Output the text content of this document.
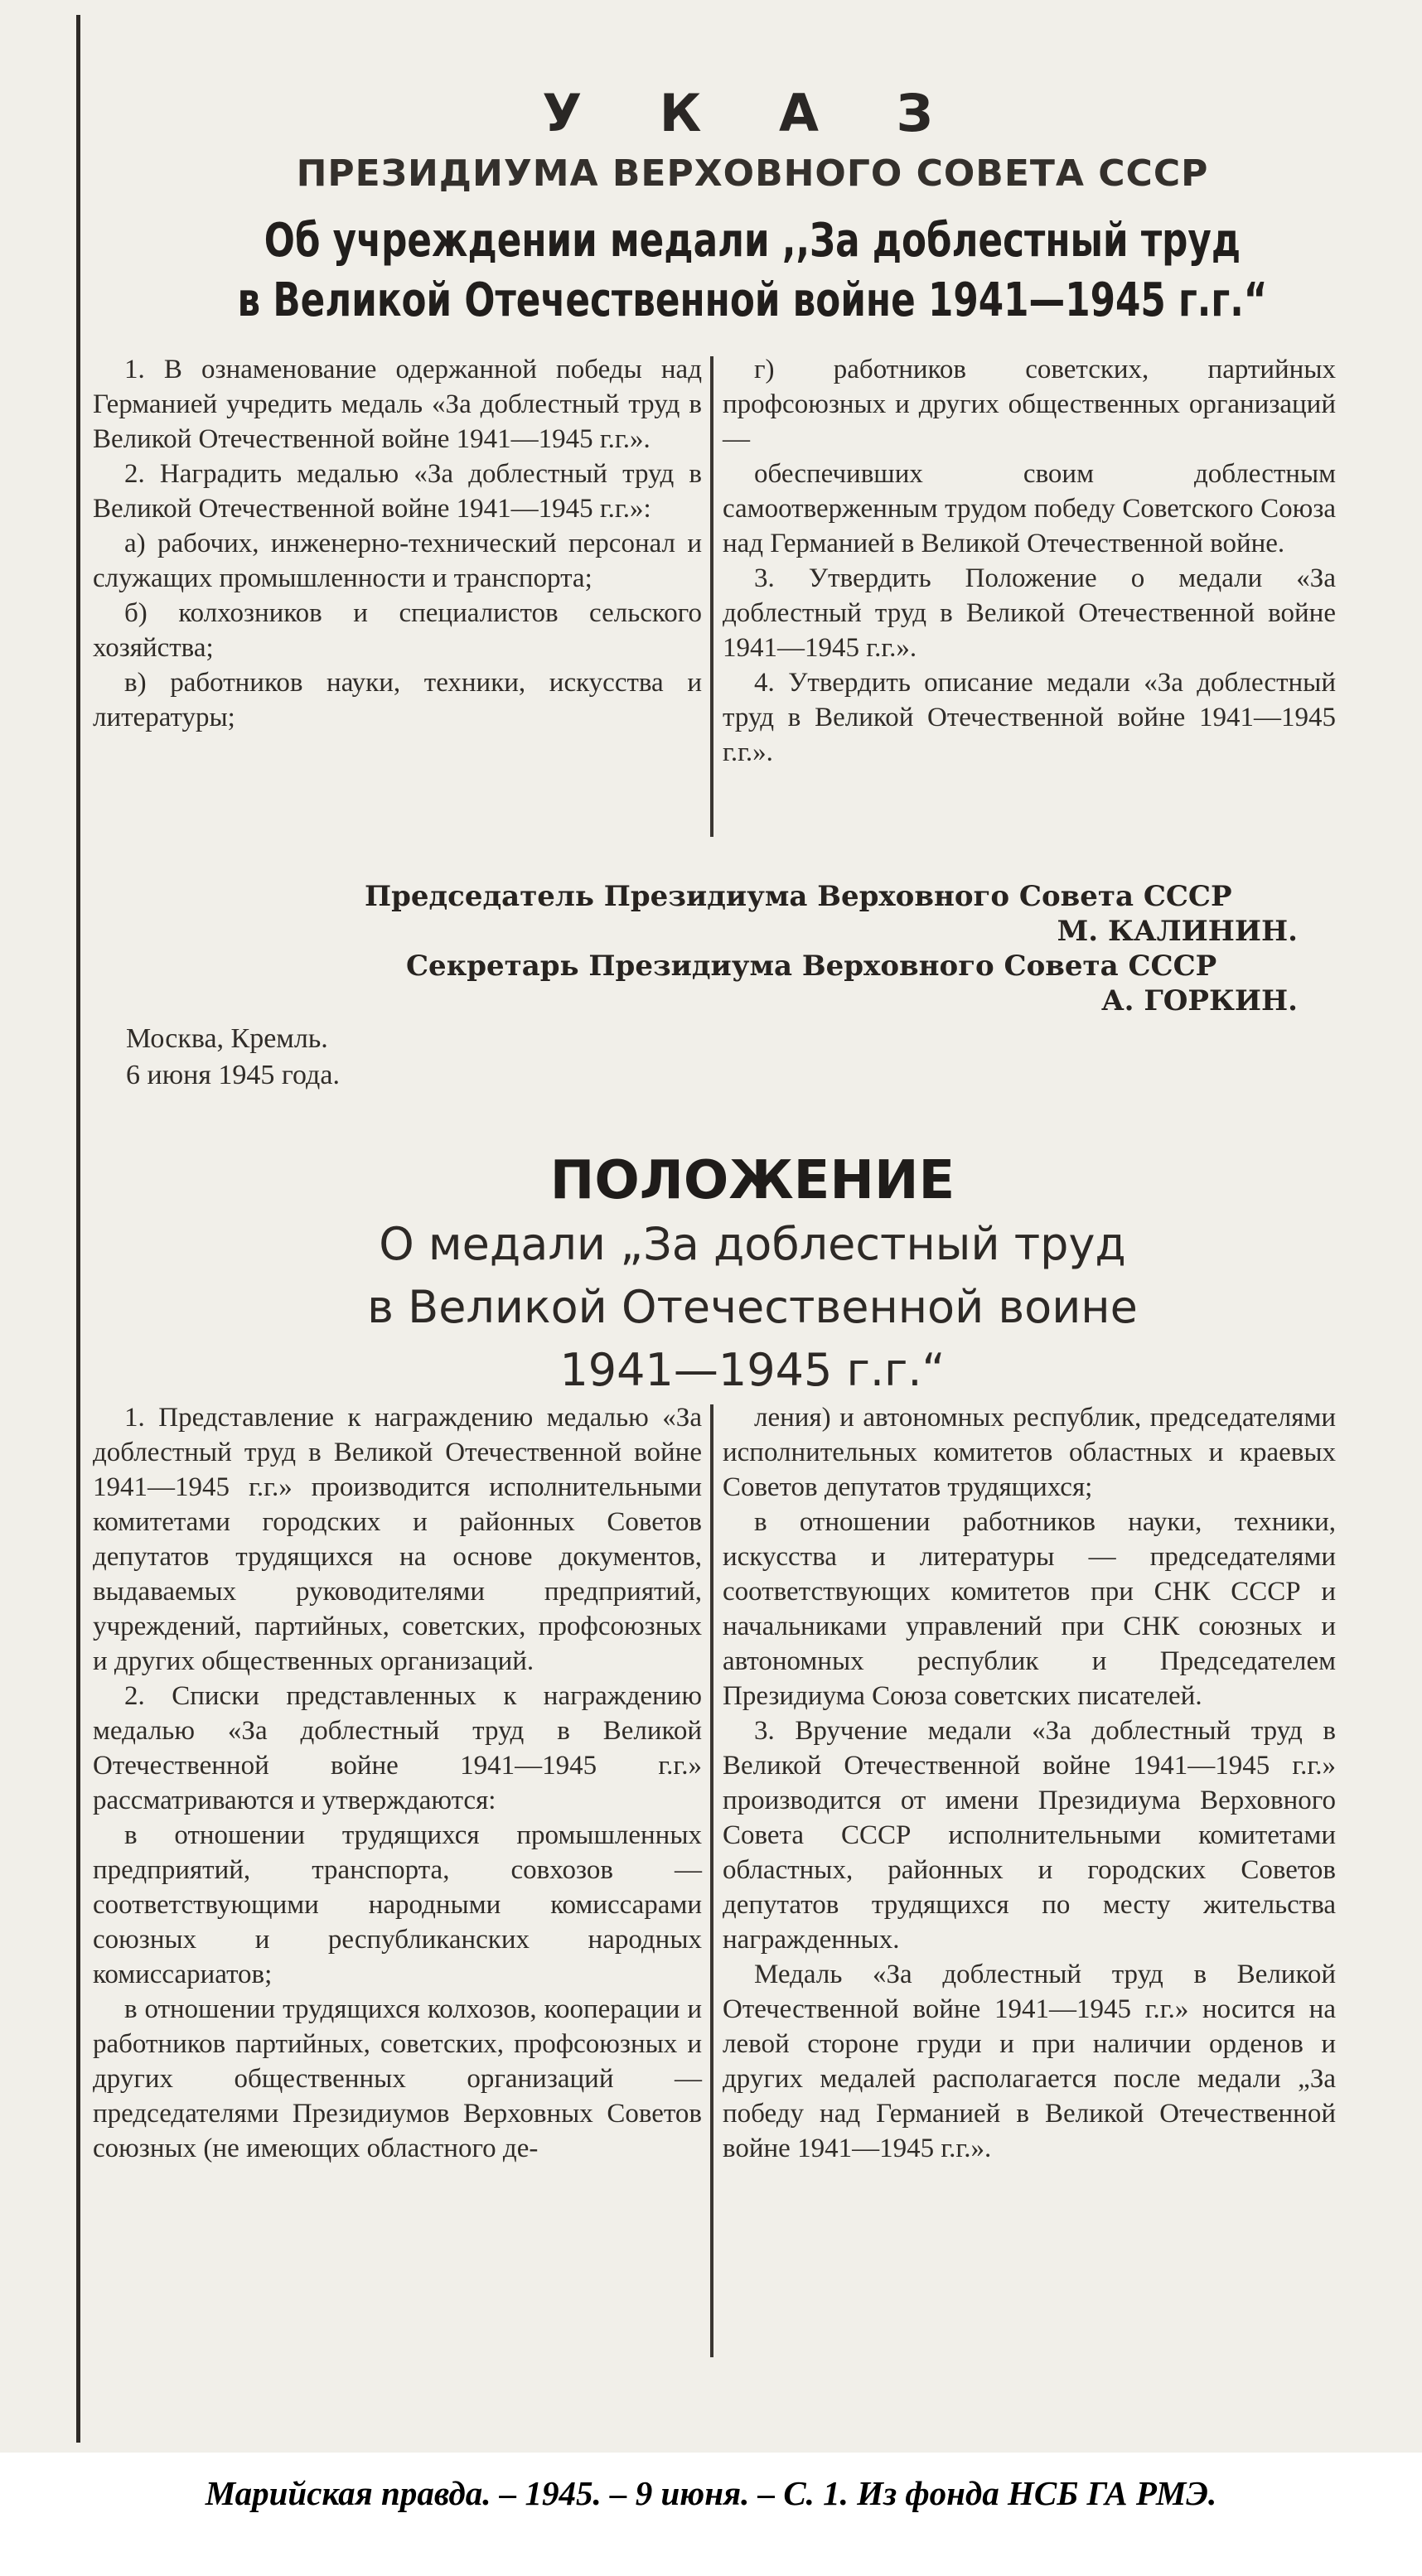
У К А З
ПРЕЗИДИУМА ВЕРХОВНОГО СОВЕТА СССР
Об учреждении медали ,,За доблестный труд
в Великой Отечественной войне 1941—1945 г.г.“

1. В ознаменование одержанной победы над Германией учредить медаль «За доблестный труд в Великой Отечественной войне 1941—1945 г.г.».

2. Наградить медалью «За доблестный труд в Великой Отечественной войне 1941—1945 г.г.»:

а) рабочих, инженерно-технический персонал и служащих промышленности и транспорта;

б) колхозников и специалистов сельского хозяйства;

в) работников науки, техники, искусства и литературы;

г) работников советских, партийных профсоюзных и других общественных организаций —

обеспечивших своим доблестным самоотверженным трудом победу Советского Союза над Германией в Великой Отечественной войне.

3. Утвердить Положение о медали «За доблестный труд в Великой Отечественной войне 1941—1945 г.г.».

4. Утвердить описание медали «За доблестный труд в Великой Отечественной войне 1941—1945 г.г.».

Председатель Президиума Верховного Совета СССР
М. КАЛИНИН.
Секретарь Президиума Верховного Совета СССР
А. ГОРКИН.
Москва, Кремль.
6 июня 1945 года.
ПОЛОЖЕНИЕ
О медали „За доблестный труд
в Великой Отечественной воине
1941—1945 г.г.“

1. Представление к награждению медалью «За доблестный труд в Великой Отечественной войне 1941—1945 г.г.» производится исполнительными комитетами городских и районных Советов депутатов трудящихся на основе документов, выдаваемых руководителями предприятий, учреждений, партийных, советских, профсоюзных и других общественных организаций.

2. Списки представленных к награждению медалью «За доблестный труд в Великой Отечественной войне 1941—1945 г.г.» рассматриваются и утверждаются:

в отношении трудящихся промышленных предприятий, транспорта, совхозов — соответствующими народными комиссарами союзных и республиканских народных комиссариатов;

в отношении трудящихся колхозов, кооперации и работников партийных, советских, профсоюзных и других общественных организаций — председателями Президиумов Верховных Советов союзных (не имеющих областного де-

ления) и автономных республик, председателями исполнительных комитетов областных и краевых Советов депутатов трудящихся;

в отношении работников науки, техники, искусства и литературы — председателями соответствующих комитетов при СНК СССР и начальниками управлений при СНК союзных и автономных республик и Председателем Президиума Союза советских писателей.

3. Вручение медали «За доблестный труд в Великой Отечественной войне 1941—1945 г.г.» производится от имени Президиума Верховного Совета СССР исполнительными комитетами областных, районных и городских Советов депутатов трудящихся по месту жительства награжденных.

Медаль «За доблестный труд в Великой Отечественной войне 1941—1945 г.г.» носится на левой стороне груди и при наличии орденов и других медалей располагается после медали „За победу над Германией в Великой Отечественной войне 1941—1945 г.г.».

Марийская правда. – 1945. – 9 июня. – С. 1. Из фонда НСБ ГА РМЭ.
